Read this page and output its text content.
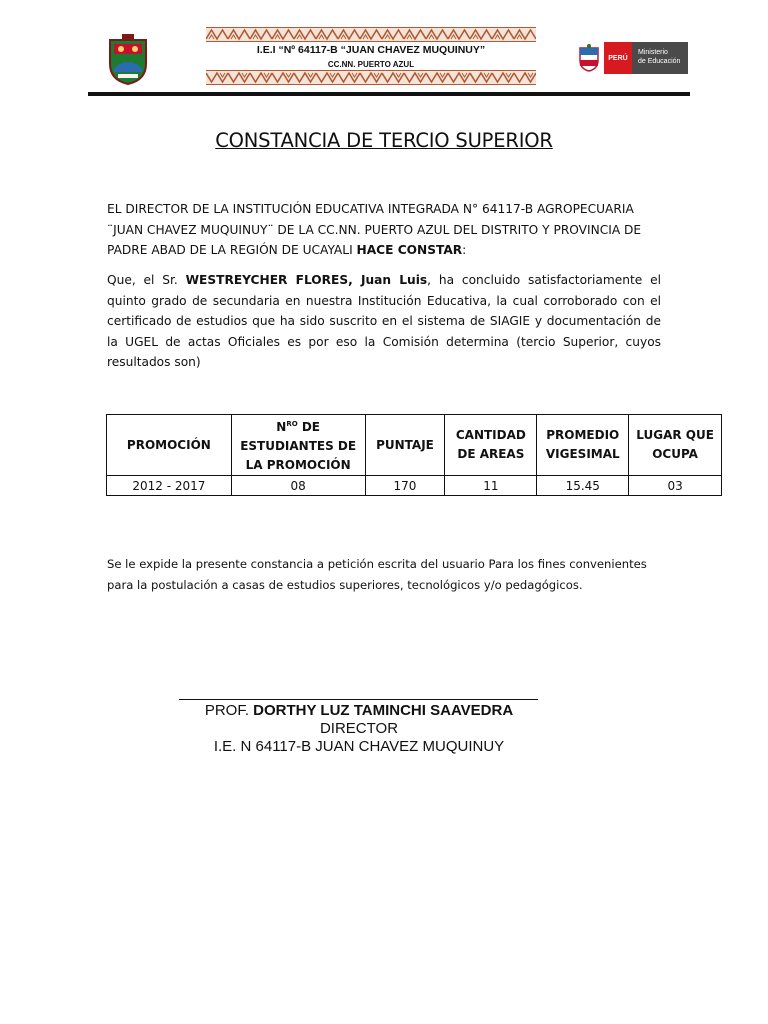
I.E.I “Nº 64117-B “JUAN CHAVEZ MUQUINUY”
CC.NN. PUERTO AZUL
PERÚ
Ministerio
de Educación
CONSTANCIA DE TERCIO SUPERIOR
EL DIRECTOR DE LA INSTITUCIÓN EDUCATIVA INTEGRADA N° 64117-B AGROPECUARIA ¨JUAN CHAVEZ MUQUINUY¨ DE LA CC.NN. PUERTO AZUL DEL DISTRITO Y PROVINCIA DE PADRE ABAD DE LA REGIÓN DE UCAYALI HACE CONSTAR:
Que, el Sr. WESTREYCHER FLORES, Juan Luis, ha concluido satisfactoriamente el quinto grado de secundaria en nuestra Institución Educativa, la cual corroborado con el certificado de estudios que ha sido suscrito en el sistema de SIAGIE y documentación de la UGEL de actas Oficiales es por eso la Comisión determina (tercio Superior, cuyos resultados son)
PROMOCIÓN	$N^{RO}$ DE ESTUDIANTES DE LA PROMOCIÓN	PUNTAJE	CANTIDAD DE AREAS	PROMEDIO VIGESIMAL	LUGAR QUE OCUPA
2012 - 2017	08	170	11	15.45	03
Se le expide la presente constancia a petición escrita del usuario Para los fines convenientes para la postulación a casas de estudios superiores, tecnológicos y/o pedagógicos.
PROF. DORTHY LUZ TAMINCHI SAAVEDRA
DIRECTOR
I.E. N 64117-B JUAN CHAVEZ MUQUINUY
